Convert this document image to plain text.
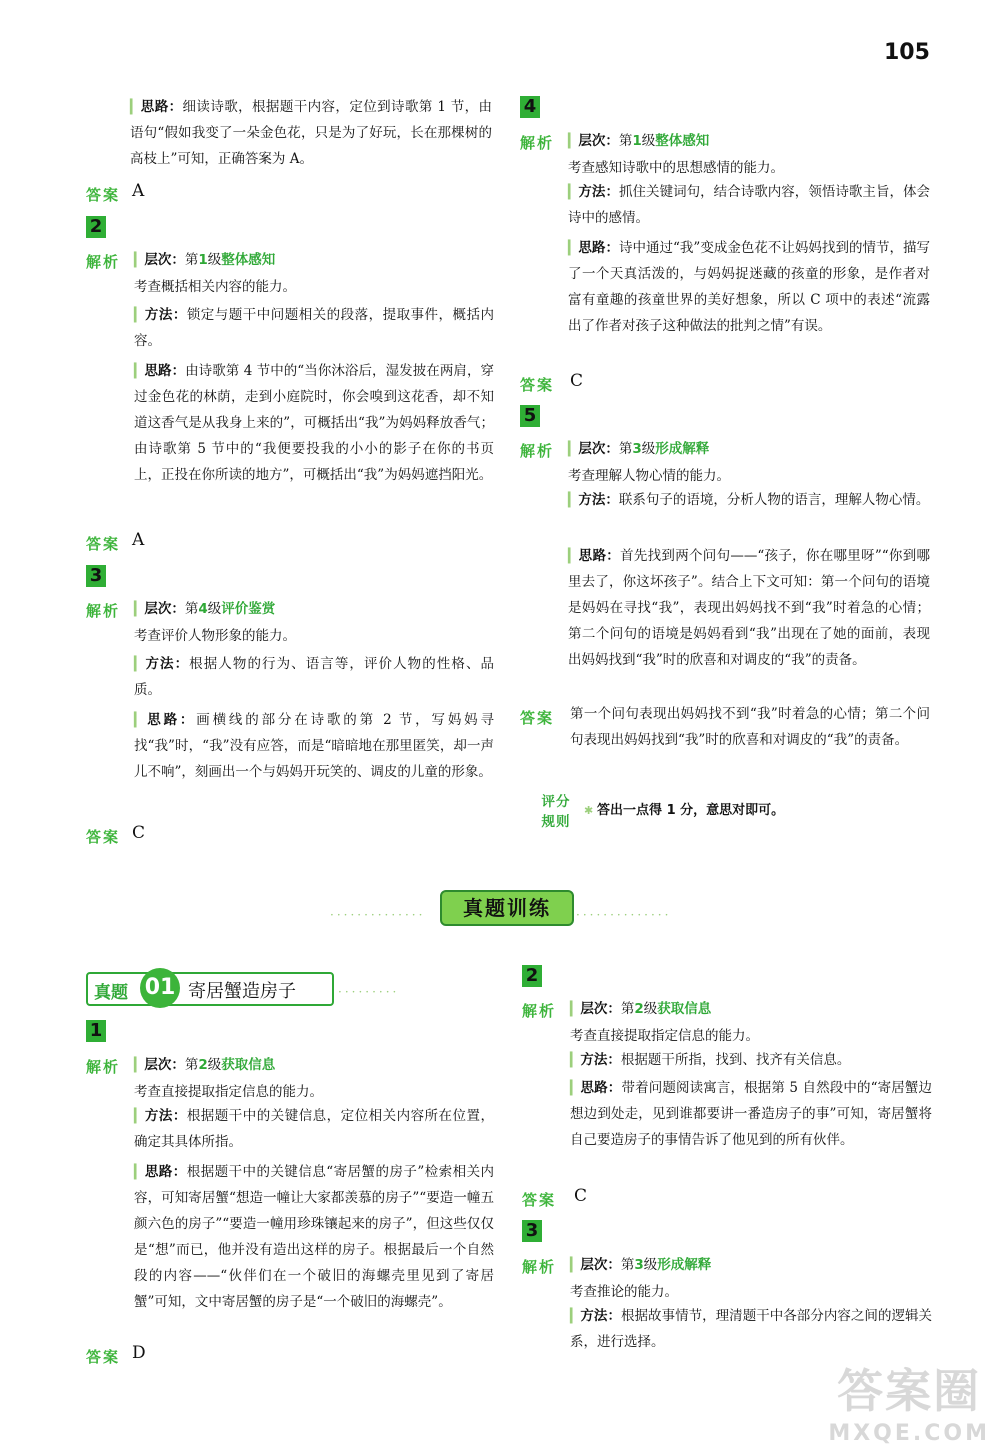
105
▎思路：细读诗歌，根据题干内容，定位到诗歌第 1 节，由语句“假如我变了一朵金色花，只是为了好玩，长在那棵树的高枝上”可知，正确答案为 A。
答案 A
2
解析 ▎层次：第1级整体感知
考查概括相关内容的能力。
▎方法：锁定与题干中问题相关的段落，提取事件，概括内容。
▎思路：由诗歌第 4 节中的“当你沐浴后，湿发披在两肩，穿过金色花的林荫，走到小庭院时，你会嗅到这花香，却不知道这香气是从我身上来的”，可概括出“我”为妈妈释放香气；由诗歌第 5 节中的“我便要投我的小小的影子在你的书页上，正投在你所读的地方”，可概括出“我”为妈妈遮挡阳光。
答案 A
3
解析 ▎层次：第4级评价鉴赏
考查评价人物形象的能力。
▎方法：根据人物的行为、语言等，评价人物的性格、品质。
▎思路：画横线的部分在诗歌的第 2 节，写妈妈寻找“我”时，“我”没有应答，而是“暗暗地在那里匿笑，却一声儿不响”，刻画出一个与妈妈开玩笑的、调皮的儿童的形象。
答案 C
··············	真题训练	··············
真题 01 寄居蟹造房子	·········
1
解析 ▎层次：第2级获取信息
考查直接提取指定信息的能力。
▎方法：根据题干中的关键信息，定位相关内容所在位置，确定其具体所指。
▎思路：根据题干中的关键信息“寄居蟹的房子”检索相关内容，可知寄居蟹“想造一幢让大家都羡慕的房子”“要造一幢五颜六色的房子”“要造一幢用珍珠镶起来的房子”，但这些仅仅是“想”而已，他并没有造出这样的房子。根据最后一个自然段的内容——“伙伴们在一个破旧的海螺壳里见到了寄居蟹”可知，文中寄居蟹的房子是“一个破旧的海螺壳”。
答案 D
4
解析 ▎层次：第1级整体感知
考查感知诗歌中的思想感情的能力。
▎方法：抓住关键词句，结合诗歌内容，领悟诗歌主旨，体会诗中的感情。
▎思路：诗中通过“我”变成金色花不让妈妈找到的情节，描写了一个天真活泼的，与妈妈捉迷藏的孩童的形象，是作者对富有童趣的孩童世界的美好想象，所以 C 项中的表述“流露出了作者对孩子这种做法的批判之情”有误。
答案 C
5
解析 ▎层次：第3级形成解释
考查理解人物心情的能力。
▎方法：联系句子的语境，分析人物的语言，理解人物心情。
▎思路：首先找到两个问句——“孩子，你在哪里呀”“你到哪里去了，你这坏孩子”。结合上下文可知：第一个问句的语境是妈妈在寻找“我”，表现出妈妈找不到“我”时着急的心情；第二个问句的语境是妈妈看到“我”出现在了她的面前，表现出妈妈找到“我”时的欣喜和对调皮的“我”的责备。
答案 第一个问句表现出妈妈找不到“我”时着急的心情；第二个问句表现出妈妈找到“我”时的欣喜和对调皮的“我”的责备。
评分
规则
✱ 答出一点得 1 分，意思对即可。
2
解析 ▎层次：第2级获取信息
考查直接提取指定信息的能力。
▎方法：根据题干所指，找到、找齐有关信息。
▎思路：带着问题阅读寓言，根据第 5 自然段中的“寄居蟹边想边到处走，见到谁都要讲一番造房子的事”可知，寄居蟹将自己要造房子的事情告诉了他见到的所有伙伴。
答案 C
3
解析 ▎层次：第3级形成解释
考查推论的能力。
▎方法：根据故事情节，理清题干中各部分内容之间的逻辑关系，进行选择。
答案圈
MXQE.COM
